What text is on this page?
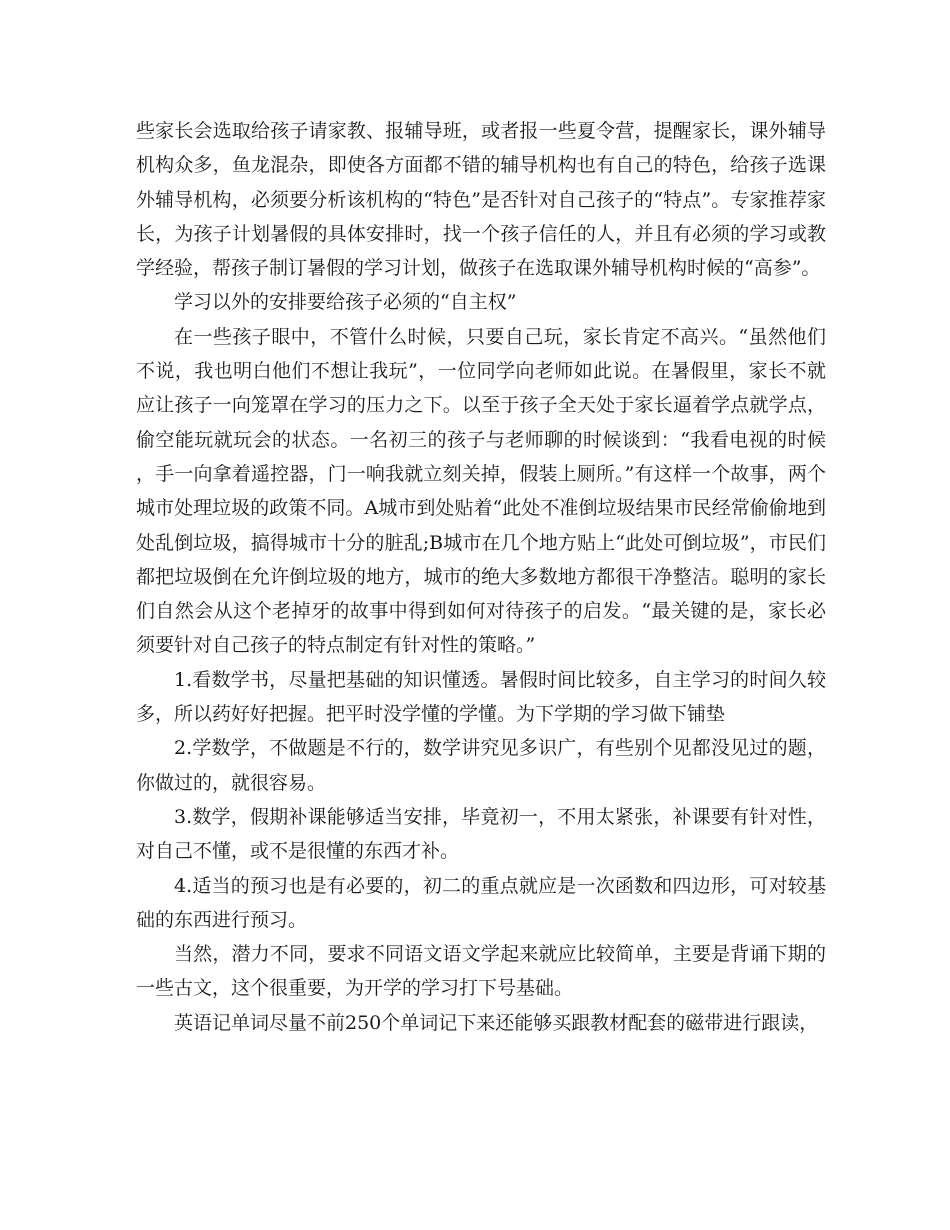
些家长会选取给孩子请家教、报辅导班，或者报一些夏令营，提醒家长，课外辅导机构众多，鱼龙混杂，即使各方面都不错的辅导机构也有自己的特色，给孩子选课外辅导机构，必须要分析该机构的“特色”是否针对自己孩子的“特点”。专家推荐家长，为孩子计划暑假的具体安排时，找一个孩子信任的人，并且有必须的学习或教学经验，帮孩子制订暑假的学习计划，做孩子在选取课外辅导机构时候的“高参”。

学习以外的安排要给孩子必须的“自主权”

在一些孩子眼中，不管什么时候，只要自己玩，家长肯定不高兴。“虽然他们不说，我也明白他们不想让我玩”，一位同学向老师如此说。在暑假里，家长不就应让孩子一向笼罩在学习的压力之下。以至于孩子全天处于家长逼着学点就学点，偷空能玩就玩会的状态。一名初三的孩子与老师聊的时候谈到：“我看电视的时候，手一向拿着遥控器，门一响我就立刻关掉，假装上厕所。”有这样一个故事，两个城市处理垃圾的政策不同。A城市到处贴着“此处不准倒垃圾结果市民经常偷偷地到处乱倒垃圾，搞得城市十分的脏乱;B城市在几个地方贴上“此处可倒垃圾”，市民们都把垃圾倒在允许倒垃圾的地方，城市的绝大多数地方都很干净整洁。聪明的家长们自然会从这个老掉牙的故事中得到如何对待孩子的启发。“最关键的是，家长必须要针对自己孩子的特点制定有针对性的策略。”

1.看数学书，尽量把基础的知识懂透。暑假时间比较多，自主学习的时间久较多，所以药好好把握。把平时没学懂的学懂。为下学期的学习做下铺垫

2.学数学，不做题是不行的，数学讲究见多识广，有些别个见都没见过的题，你做过的，就很容易。

3.数学，假期补课能够适当安排，毕竟初一，不用太紧张，补课要有针对性，对自己不懂，或不是很懂的东西才补。

4.适当的预习也是有必要的，初二的重点就应是一次函数和四边形，可对较基础的东西进行预习。

当然，潜力不同，要求不同语文语文学起来就应比较简单，主要是背诵下期的一些古文，这个很重要，为开学的学习打下号基础。

英语记单词尽量不前250个单词记下来还能够买跟教材配套的磁带进行跟读，
